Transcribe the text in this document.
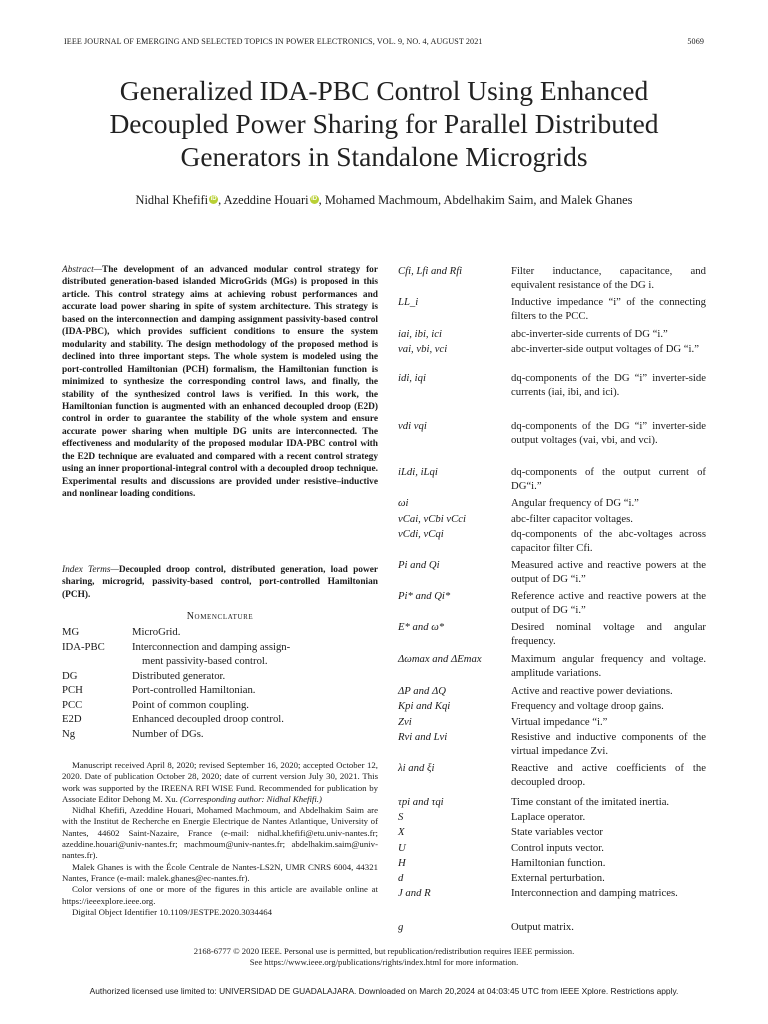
IEEE JOURNAL OF EMERGING AND SELECTED TOPICS IN POWER ELECTRONICS, VOL. 9, NO. 4, AUGUST 2021	5069
Generalized IDA-PBC Control Using Enhanced
Decoupled Power Sharing for Parallel Distributed
Generators in Standalone Microgrids
Nidhal Khefifi iD , Azeddine Houari iD , Mohamed Machmoum, Abdelhakim Saim, and Malek Ghanes
Abstract—The development of an advanced modular control strategy for distributed generation-based islanded MicroGrids (MGs) is proposed in this article. This control strategy aims at achieving robust performances and accurate load power sharing in spite of system architecture. This strategy is based on the interconnection and damping assignment passivity-based control (IDA-PBC), which provides sufficient conditions to ensure the system modularity and stability. The design methodology of the proposed method is declined into three important steps. The whole system is modeled using the port-controlled Hamiltonian (PCH) formalism, the Hamiltonian function is minimized to synthesize the corresponding control laws, and finally, the stability of the synthesized control laws is verified. In this work, the Hamiltonian function is augmented with an enhanced decoupled droop (E2D) control in order to guarantee the stability of the whole system and ensure accurate power sharing when multiple DG units are interconnected. The effectiveness and modularity of the proposed modular IDA-PBC control with the E2D technique are evaluated and compared with a recent control strategy using an inner proportional-integral control with a decoupled droop technique. Experimental results and discussions are provided under resistive–inductive and nonlinear loading conditions.
Index Terms—Decoupled droop control, distributed generation, load power sharing, microgrid, passivity-based control, port-controlled Hamiltonian (PCH).
Nomenclature
MG	MicroGrid.
IDA-PBC	Interconnection and damping assign-
ment passivity-based control.
DG	Distributed generator.
PCH	Port-controlled Hamiltonian.
PCC	Point of common coupling.
E2D	Enhanced decoupled droop control.
Ng	Number of DGs.

Manuscript received April 8, 2020; revised September 16, 2020; accepted October 12, 2020. Date of publication October 28, 2020; date of current version July 30, 2021. This work was supported by the IREENA RFI WISE Fund. Recommended for publication by Associate Editor Dehong M. Xu. (Corresponding author: Nidhal Khefifi.)

Nidhal Khefifi, Azeddine Houari, Mohamed Machmoum, and Abdelhakim Saim are with the Institut de Recherche en Energie Electrique de Nantes Atlantique, University of Nantes, 44602 Saint-Nazaire, France (e-mail: nidhal.khefifi@etu.univ-nantes.fr; azeddine.houari@univ-nantes.fr; machmoum@univ-nantes.fr; abdelhakim.saim@univ-nantes.fr).

Malek Ghanes is with the École Centrale de Nantes-LS2N, UMR CNRS 6004, 44321 Nantes, France (e-mail: malek.ghanes@ec-nantes.fr).

Color versions of one or more of the figures in this article are available online at https://ieeexplore.ieee.org.

Digital Object Identifier 10.1109/JESTPE.2020.3034464

Cfi, Lfi and Rfi	Filter inductance, capacitance, and equivalent resistance of the DG i.
LL_i	Inductive impedance “i” of the connecting filters to the PCC.
iai, ibi, ici	abc-inverter-side currents of DG “i.”
vai, vbi, vci	abc-inverter-side output voltages of DG “i.”
idi, iqi	dq-components of the DG “i” inverter-side currents (iai, ibi, and ici).
vdi vqi	dq-components of the DG “i” inverter-side output voltages (vai, vbi, and vci).
iLdi, iLqi	dq-components of the output current of DG“i.”
ωi	Angular frequency of DG “i.”
vCai, vCbi vCci	abc-filter capacitor voltages.
vCdi, vCqi	dq-components of the abc-voltages across capacitor filter Cfi.
Pi and Qi	Measured active and reactive powers at the output of DG “i.”
Pi* and Qi*	Reference active and reactive powers at the output of DG “i.”
E* and ω*	Desired nominal voltage and angular frequency.
Δωmax and ΔEmax	Maximum angular frequency and voltage. amplitude variations.
ΔP and ΔQ	Active and reactive power deviations.
Kpi and Kqi	Frequency and voltage droop gains.
Zvi	Virtual impedance “i.”
Rvi and Lvi	Resistive and inductive components of the virtual impedance Zvi.
λi and ξi	Reactive and active coefficients of the decoupled droop.
τpi and τqi	Time constant of the imitated inertia.
S	Laplace operator.
X	State variables vector
U	Control inputs vector.
H	Hamiltonian function.
d	External perturbation.
J and R	Interconnection and damping matrices.
g	Output matrix.
2168-6777 © 2020 IEEE. Personal use is permitted, but republication/redistribution requires IEEE permission.
See https://www.ieee.org/publications/rights/index.html for more information.
Authorized licensed use limited to: UNIVERSIDAD DE GUADALAJARA. Downloaded on March 20,2024 at 04:03:45 UTC from IEEE Xplore. Restrictions apply.
